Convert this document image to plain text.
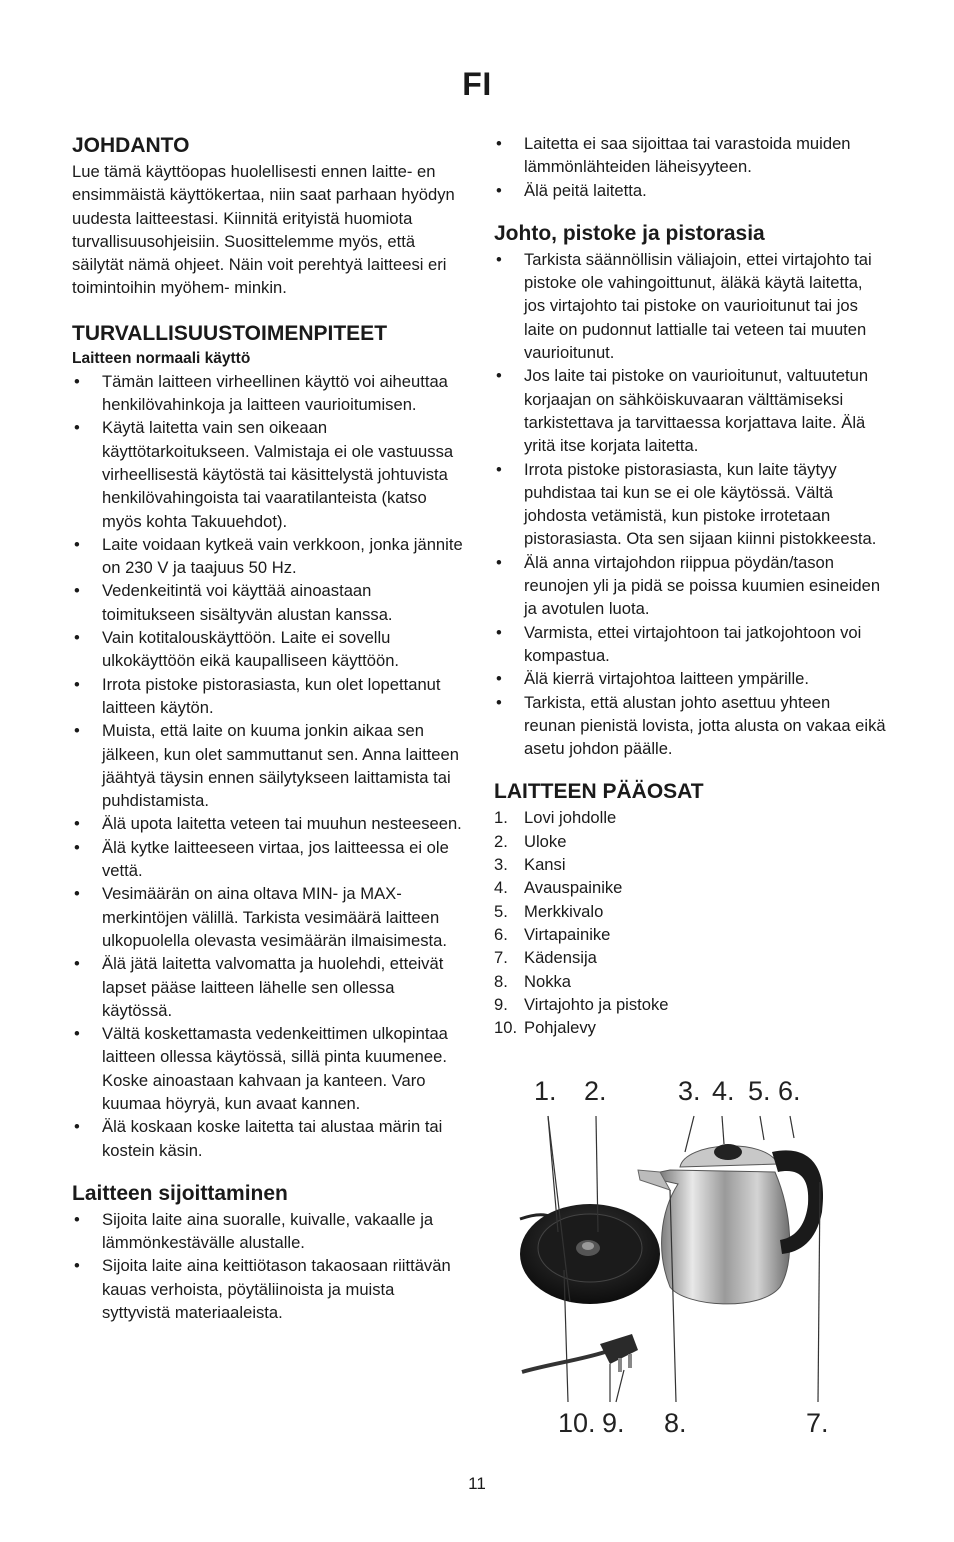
FI
JOHDANTO

Lue tämä käyttöopas huolellisesti ennen laitte- en ensimmäistä käyttökertaa, niin saat parhaan hyödyn uudesta laitteestasi. Kiinnitä erityistä huomiota turvallisuusohjeisiin. Suosittelemme myös, että säilytät nämä ohjeet. Näin voit perehtyä laitteesi eri toimintoihin myöhem- minkin.

TURVALLISUUSTOIMENPITEET
Laitteen normaali käyttö
• Tämän laitteen virheellinen käyttö voi aiheuttaa henkilövahinkoja ja laitteen vaurioitumisen.
• Käytä laitetta vain sen oikeaan käyttötarkoitukseen. Valmistaja ei ole vastuussa virheellisestä käytöstä tai käsittelystä johtuvista henkilövahingoista tai vaaratilanteista (katso myös kohta Takuuehdot).
• Laite voidaan kytkeä vain verkkoon, jonka jännite on 230 V ja taajuus 50 Hz.
• Vedenkeitintä voi käyttää ainoastaan toimitukseen sisältyvän alustan kanssa.
• Vain kotitalouskäyttöön. Laite ei sovellu ulkokäyttöön eikä kaupalliseen käyttöön.
• Irrota pistoke pistorasiasta, kun olet lopettanut laitteen käytön.
• Muista, että laite on kuuma jonkin aikaa sen jälkeen, kun olet sammuttanut sen. Anna laitteen jäähtyä täysin ennen säilytykseen laittamista tai puhdistamista.
• Älä upota laitetta veteen tai muuhun nesteeseen.
• Älä kytke laitteeseen virtaa, jos laitteessa ei ole vettä.
• Vesimäärän on aina oltava MIN- ja MAX- merkintöjen välillä. Tarkista vesimäärä laitteen ulkopuolella olevasta vesimäärän ilmaisimesta.
• Älä jätä laitetta valvomatta ja huolehdi, etteivät lapset pääse laitteen lähelle sen ollessa käytössä.
• Vältä koskettamasta vedenkeittimen ulkopintaa laitteen ollessa käytössä, sillä pinta kuumenee. Koske ainoastaan kahvaan ja kanteen. Varo kuumaa höyryä, kun avaat kannen.
• Älä koskaan koske laitetta tai alustaa märin tai kostein käsin.
Laitteen sijoittaminen
• Sijoita laite aina suoralle, kuivalle, vakaalle ja lämmönkestävälle alustalle.
• Sijoita laite aina keittiötason takaosaan riittävän kauas verhoista, pöytäliinoista ja muista syttyvistä materiaaleista.
• Laitetta ei saa sijoittaa tai varastoida muiden lämmönlähteiden läheisyyteen.
• Älä peitä laitetta.
Johto, pistoke ja pistorasia
• Tarkista säännöllisin väliajoin, ettei virtajohto tai pistoke ole vahingoittunut, äläkä käytä laitetta, jos virtajohto tai pistoke on vaurioitunut tai jos laite on pudonnut lattialle tai veteen tai muuten vaurioitunut.
• Jos laite tai pistoke on vaurioitunut, valtuutetun korjaajan on sähköiskuvaaran välttämiseksi tarkistettava ja tarvittaessa korjattava laite. Älä yritä itse korjata laitetta.
• Irrota pistoke pistorasiasta, kun laite täytyy puhdistaa tai kun se ei ole käytössä. Vältä johdosta vetämistä, kun pistoke irrotetaan pistorasiasta. Ota sen sijaan kiinni pistokkeesta.
• Älä anna virtajohdon riippua pöydän/tason reunojen yli ja pidä se poissa kuumien esineiden ja avotulen luota.
• Varmista, ettei virtajohtoon tai jatkojohtoon voi kompastua.
• Älä kierrä virtajohtoa laitteen ympärille.
• Tarkista, että alustan johto asettuu yhteen reunan pienistä lovista, jotta alusta on vakaa eikä asetu johdon päälle.
LAITTEEN PÄÄOSAT
1. Lovi johdolle
2. Uloke
3. Kansi
4. Avauspainike
5. Merkkivalo
6. Virtapainike
7. Kädensija
8. Nokka
9. Virtajohto ja pistoke
10. Pohjalevy
1. 2.	3. 4. 5. 6.
10. 9. 8.	7.
11
